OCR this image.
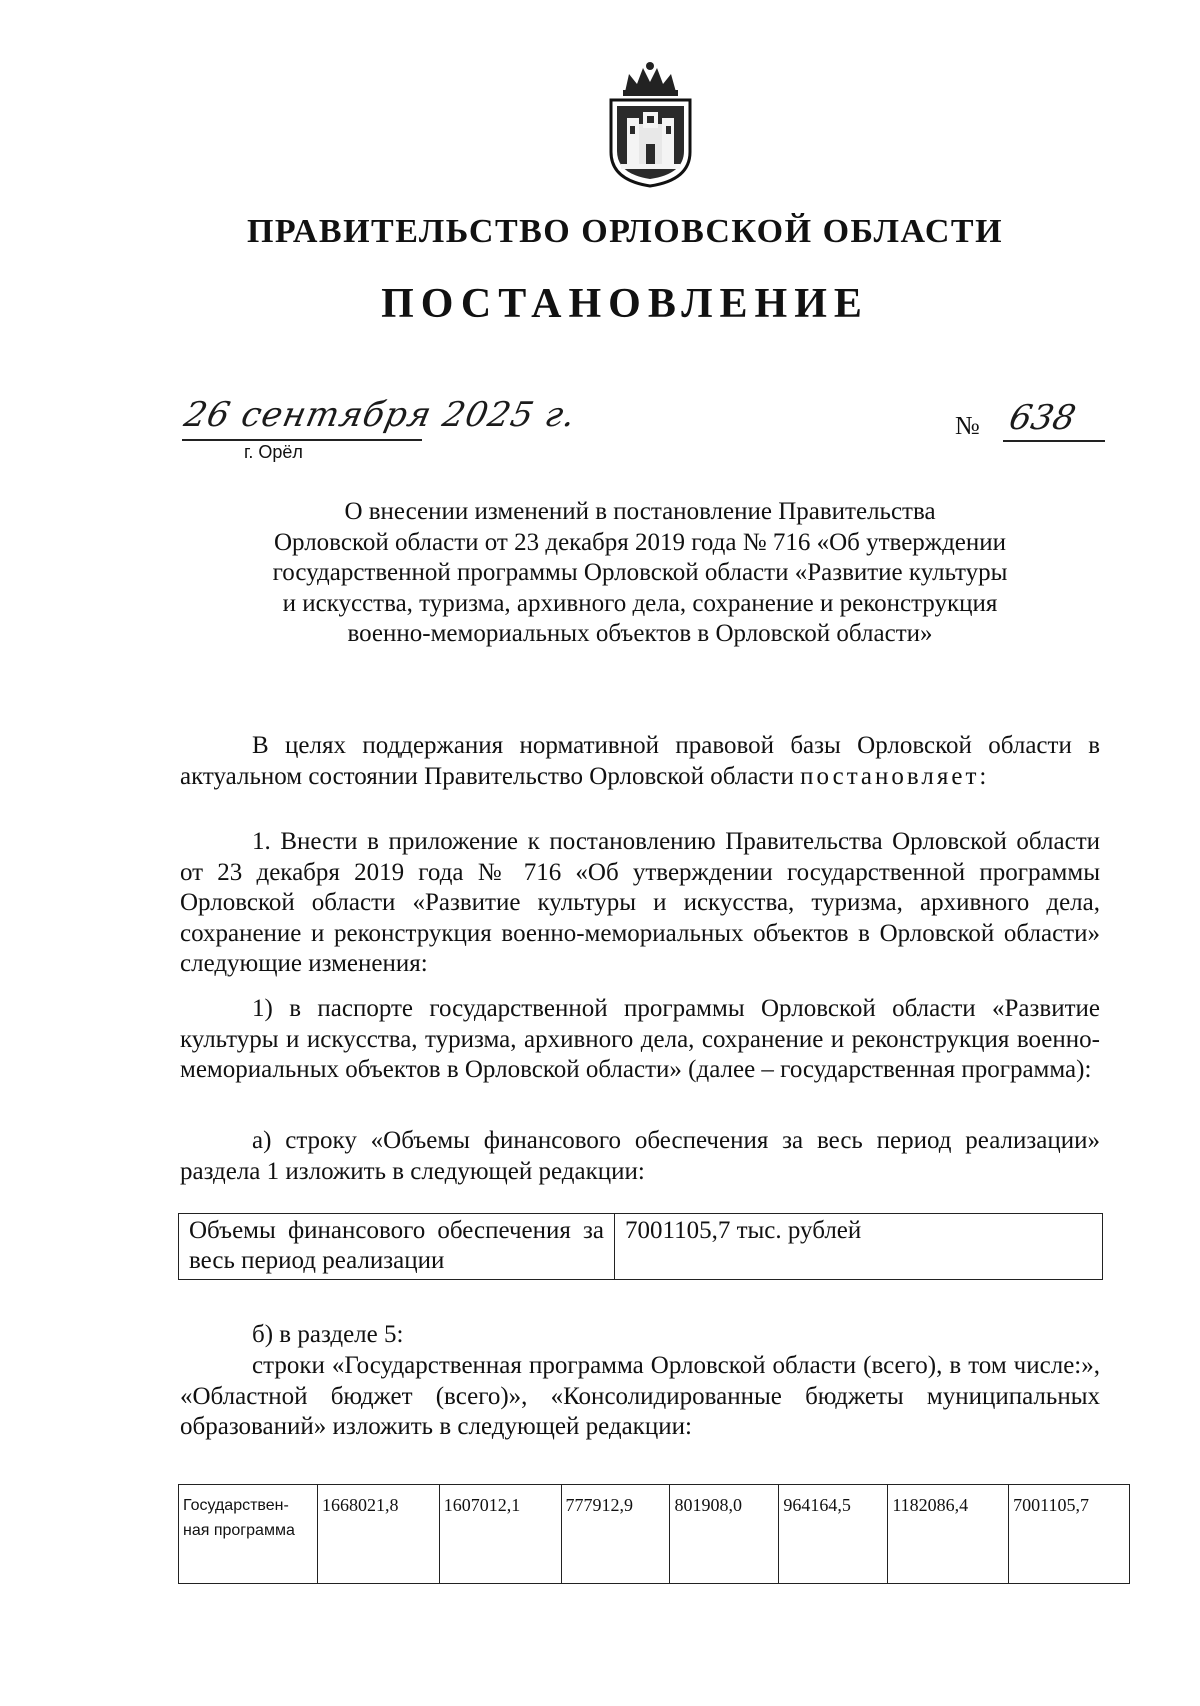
ПРАВИТЕЛЬСТВО ОРЛОВСКОЙ ОБЛАСТИ
ПОСТАНОВЛЕНИЕ
26 сентября 2025 г.
г. Орёл
№ 638
О внесении изменений в постановление Правительства
Орловской области от 23 декабря 2019 года № 716 «Об утверждении
государственной программы Орловской области «Развитие культуры
и искусства, туризма, архивного дела, сохранение и реконструкция
военно-мемориальных объектов в Орловской области»
В целях поддержания нормативной правовой базы Орловской области в актуальном состоянии Правительство Орловской области постановляет:
1. Внести в приложение к постановлению Правительства Орловской области от 23 декабря 2019 года № 716 «Об утверждении государственной программы Орловской области «Развитие культуры и искусства, туризма, архивного дела, сохранение и реконструкция военно-мемориальных объектов в Орловской области» следующие изменения:
1) в паспорте государственной программы Орловской области «Развитие культуры и искусства, туризма, архивного дела, сохранение и реконструкция военно-мемориальных объектов в Орловской области» (далее – государственная программа):
а) строку «Объемы финансового обеспечения за весь период реализации» раздела 1 изложить в следующей редакции:
Объемы финансового обеспечения за весь период реализации	7001105,7 тыс. рублей
б) в разделе 5:
строки «Государственная программа Орловской области (всего), в том числе:», «Областной бюджет (всего)», «Консолидированные бюджеты муниципальных образований» изложить в следующей редакции:
Государствен-ная программа	1668021,8	1607012,1	777912,9	801908,0	964164,5	1182086,4	7001105,7
